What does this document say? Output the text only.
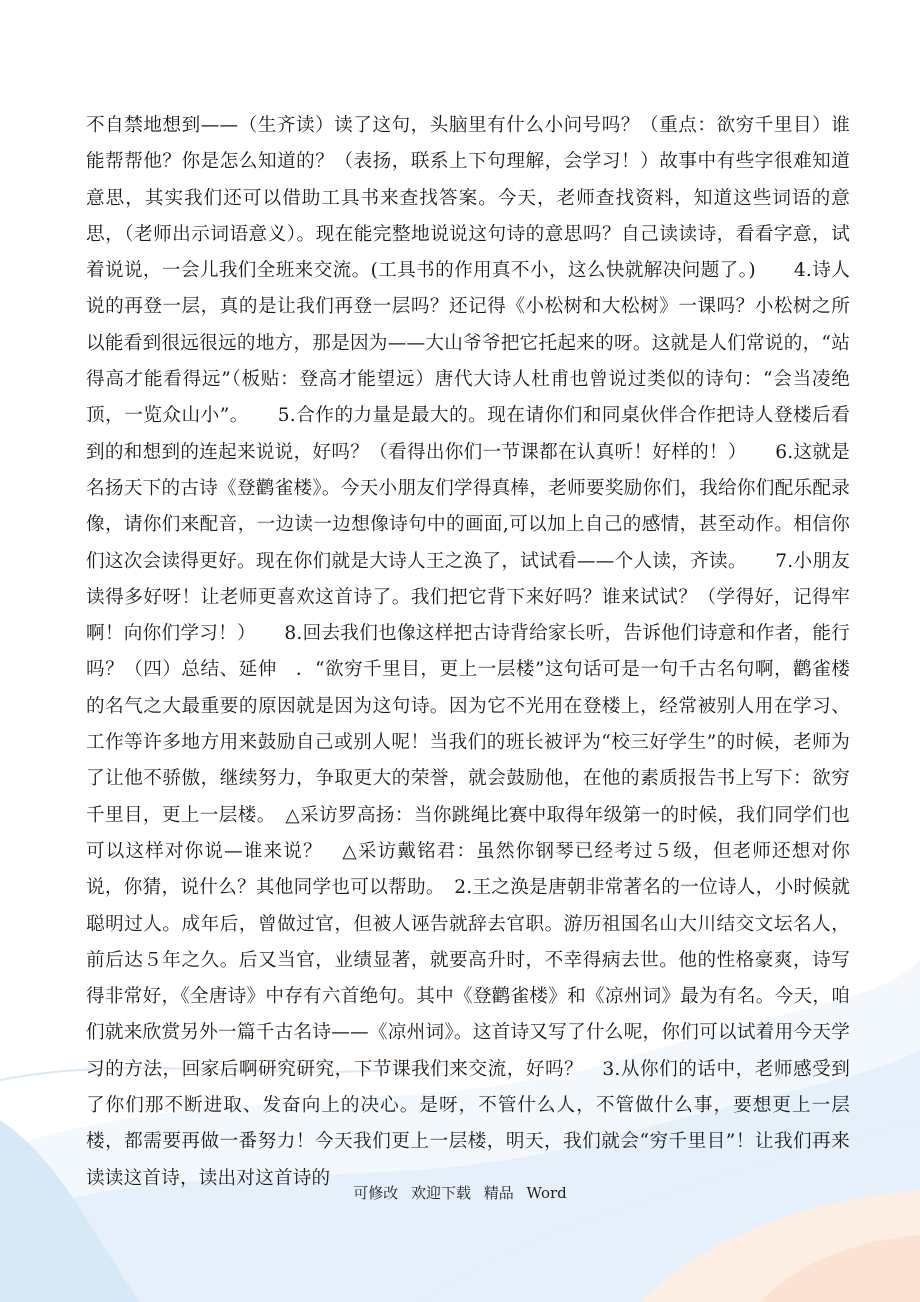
不自禁地想到——（生齐读）读了这句，头脑里有什么小问号吗？（重点：欲穷千里目）谁能帮帮他？你是怎么知道的？（表扬，联系上下句理解，会学习！）故事中有些字很难知道意思，其实我们还可以借助工具书来查找答案。今天，老师查找资料，知道这些词语的意思，（老师出示词语意义）。现在能完整地说说这句诗的意思吗？自己读读诗，看看字意，试着说说，一会儿我们全班来交流。(工具书的作用真不小，这么快就解决问题了。)　　4.诗人说的再登一层，真的是让我们再登一层吗？还记得《小松树和大松树》一课吗？小松树之所以能看到很远很远的地方，那是因为——大山爷爷把它托起来的呀。这就是人们常说的，“站得高才能看得远”（板贴：登高才能望远）唐代大诗人杜甫也曾说过类似的诗句：“会当凌绝顶，一览众山小”。　　5.合作的力量是最大的。现在请你们和同桌伙伴合作把诗人登楼后看到的和想到的连起来说说，好吗？（看得出你们一节课都在认真听！好样的！）　　6.这就是名扬天下的古诗《登鹳雀楼》。今天小朋友们学得真棒，老师要奖励你们，我给你们配乐配录像，请你们来配音，一边读一边想像诗句中的画面,可以加上自己的感情，甚至动作。相信你们这次会读得更好。现在你们就是大诗人王之涣了，试试看——个人读，齐读。　　7.小朋友读得多好呀！让老师更喜欢这首诗了。我们把它背下来好吗？谁来试试？（学得好，记得牢啊！向你们学习！）　　8.回去我们也像这样把古诗背给家长听，告诉他们诗意和作者，能行吗？（四）总结、延伸　．“欲穷千里目，更上一层楼”这句话可是一句千古名句啊，鹳雀楼的名气之大最重要的原因就是因为这句诗。因为它不光用在登楼上，经常被别人用在学习、工作等许多地方用来鼓励自己或别人呢！当我们的班长被评为“校三好学生”的时候，老师为了让他不骄傲，继续努力，争取更大的荣誉，就会鼓励他，在他的素质报告书上写下：欲穷千里目，更上一层楼。　△采访罗高扬：当你跳绳比赛中取得年级第一的时候，我们同学们也可以这样对你说—谁来说？　△采访戴铭君：虽然你钢琴已经考过５级，但老师还想对你说，你猜，说什么？其他同学也可以帮助。　2.王之涣是唐朝非常著名的一位诗人，小时候就聪明过人。成年后，曾做过官，但被人诬告就辞去官职。游历祖国名山大川结交文坛名人，前后达５年之久。后又当官，业绩显著，就要高升时，不幸得病去世。他的性格豪爽，诗写得非常好，《全唐诗》中存有六首绝句。其中《登鹳雀楼》和《凉州词》最为有名。今天，咱们就来欣赏另外一篇千古名诗——《凉州词》。这首诗又写了什么呢，你们可以试着用今天学习的方法，回家后啊研究研究，下节课我们来交流，好吗？　3.从你们的话中，老师感受到了你们那不断进取、发奋向上的决心。是呀，不管什么人，不管做什么事，要想更上一层楼，都需要再做一番努力！今天我们更上一层楼，明天，我们就会“穷千里目”！让我们再来读读这首诗，读出对这首诗的

可修改 欢迎下载 精品 Word
